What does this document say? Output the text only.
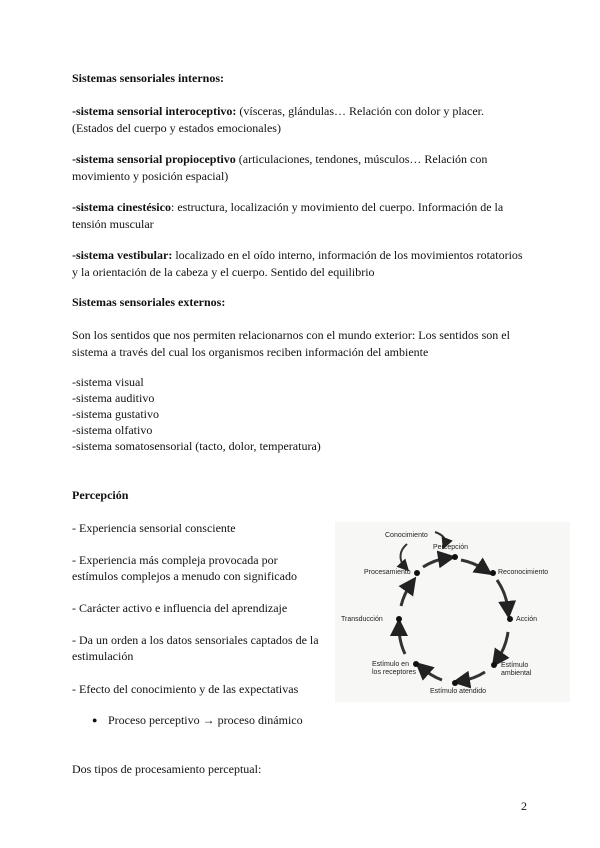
Sistemas sensoriales internos:
-sistema sensorial interoceptivo: (vísceras, glándulas… Relación con dolor y placer.
(Estados del cuerpo y estados emocionales)
-sistema sensorial propioceptivo (articulaciones, tendones, músculos… Relación con
movimiento y posición espacial)
-sistema cinestésico: estructura, localización y movimiento del cuerpo. Información de la
tensión muscular
-sistema vestibular: localizado en el oído interno, información de los movimientos rotatorios
y la orientación de la cabeza y el cuerpo. Sentido del equilibrio
Sistemas sensoriales externos:
Son los sentidos que nos permiten relacionarnos con el mundo exterior: Los sentidos son el
sistema a través del cual los organismos reciben información del ambiente
-sistema visual
-sistema auditivo
-sistema gustativo
-sistema olfativo
-sistema somatosensorial (tacto, dolor, temperatura)
Percepción
- Experiencia sensorial consciente
- Experiencia más compleja provocada por
estímulos complejos a menudo con significado
- Carácter activo e influencia del aprendizaje
- Da un orden a los datos sensoriales captados de la
estimulación
- Efecto del conocimiento y de las expectativas
● Proceso perceptivo → proceso dinámico
Dos tipos de procesamiento perceptual:
Conocimiento
Percepción
Reconocimiento
Acción
Estímulo
ambiental
Estímulo atendido
Estímulo en
los receptores
Transducción
Procesamiento
2
